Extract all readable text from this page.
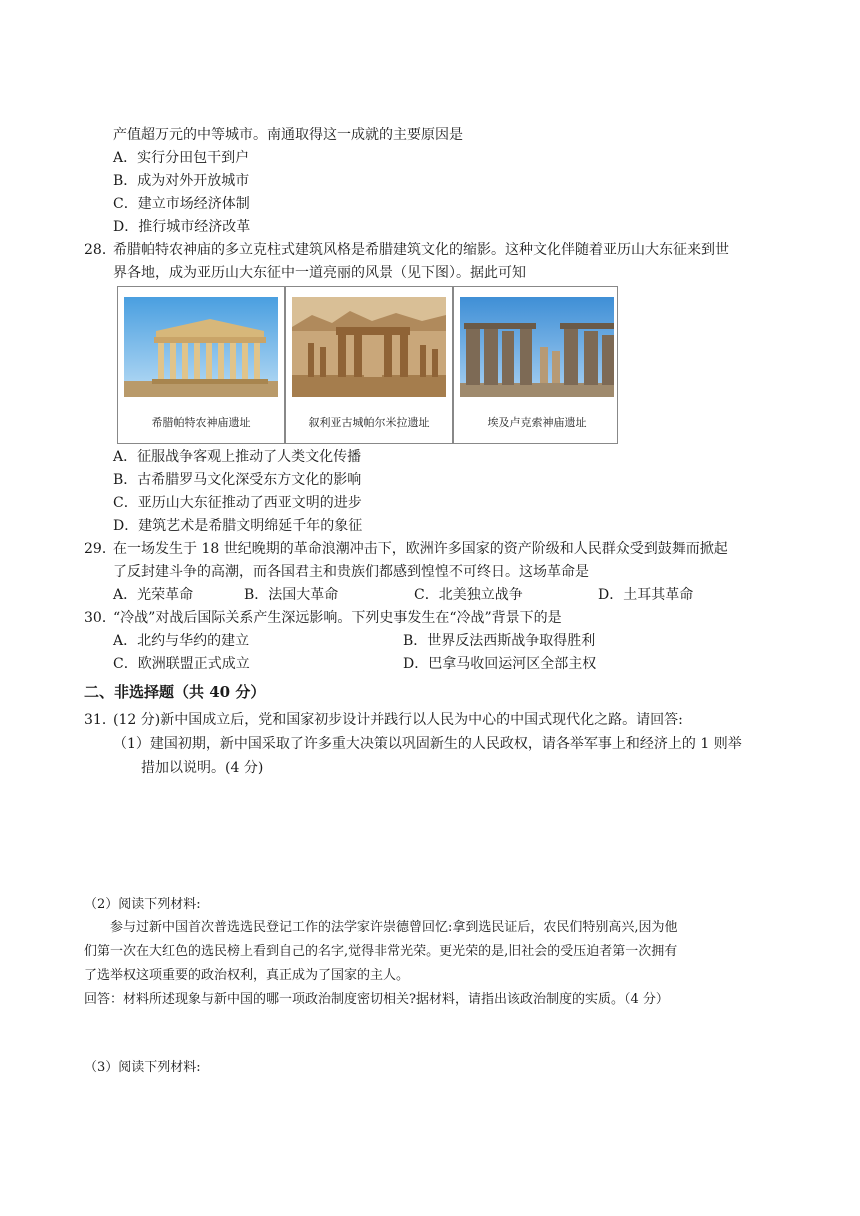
产值超万元的中等城市。南通取得这一成就的主要原因是
A．实行分田包干到户
B．成为对外开放城市
C．建立市场经济体制
D．推行城市经济改革
28．
希腊帕特农神庙的多立克柱式建筑风格是希腊建筑文化的缩影。这种文化伴随着亚历山大东征来到世
界各地，成为亚历山大东征中一道亮丽的风景（见下图）。据此可知
希腊帕特农神庙遗址	叙利亚古城帕尔米拉遗址	埃及卢克索神庙遗址
A．征服战争客观上推动了人类文化传播
B．古希腊罗马文化深受东方文化的影响
C．亚历山大东征推动了西亚文明的进步
D．建筑艺术是希腊文明绵延千年的象征
29．
在一场发生于 18 世纪晚期的革命浪潮冲击下，欧洲许多国家的资产阶级和人民群众受到鼓舞而掀起
了反封建斗争的高潮，而各国君主和贵族们都感到惶惶不可终日。这场革命是
A．光荣革命	B．法国大革命	C．北美独立战争	D．土耳其革命
30．
“冷战”对战后国际关系产生深远影响。下列史事发生在“冷战”背景下的是
A．北约与华约的建立	B．世界反法西斯战争取得胜利
C．欧洲联盟正式成立	D．巴拿马收回运河区全部主权
二、非选择题（共 40 分）
31．
(12 分)新中国成立后，党和国家初步设计并践行以人民为中心的中国式现代化之路。请回答:
（1）建国初期，新中国采取了许多重大决策以巩固新生的人民政权，请各举军事上和经济上的 1 则举
措加以说明。(4 分)
（2）阅读下列材料:
参与过新中国首次普选选民登记工作的法学家许崇德曾回忆:拿到选民证后，农民们特别高兴,因为他
们第一次在大红色的选民榜上看到自己的名字,觉得非常光荣。更光荣的是,旧社会的受压迫者第一次拥有
了选举权这项重要的政治权利，真正成为了国家的主人。
回答：材料所述现象与新中国的哪一项政治制度密切相关?据材料，请指出该政治制度的实质。（4 分）
（3）阅读下列材料:
